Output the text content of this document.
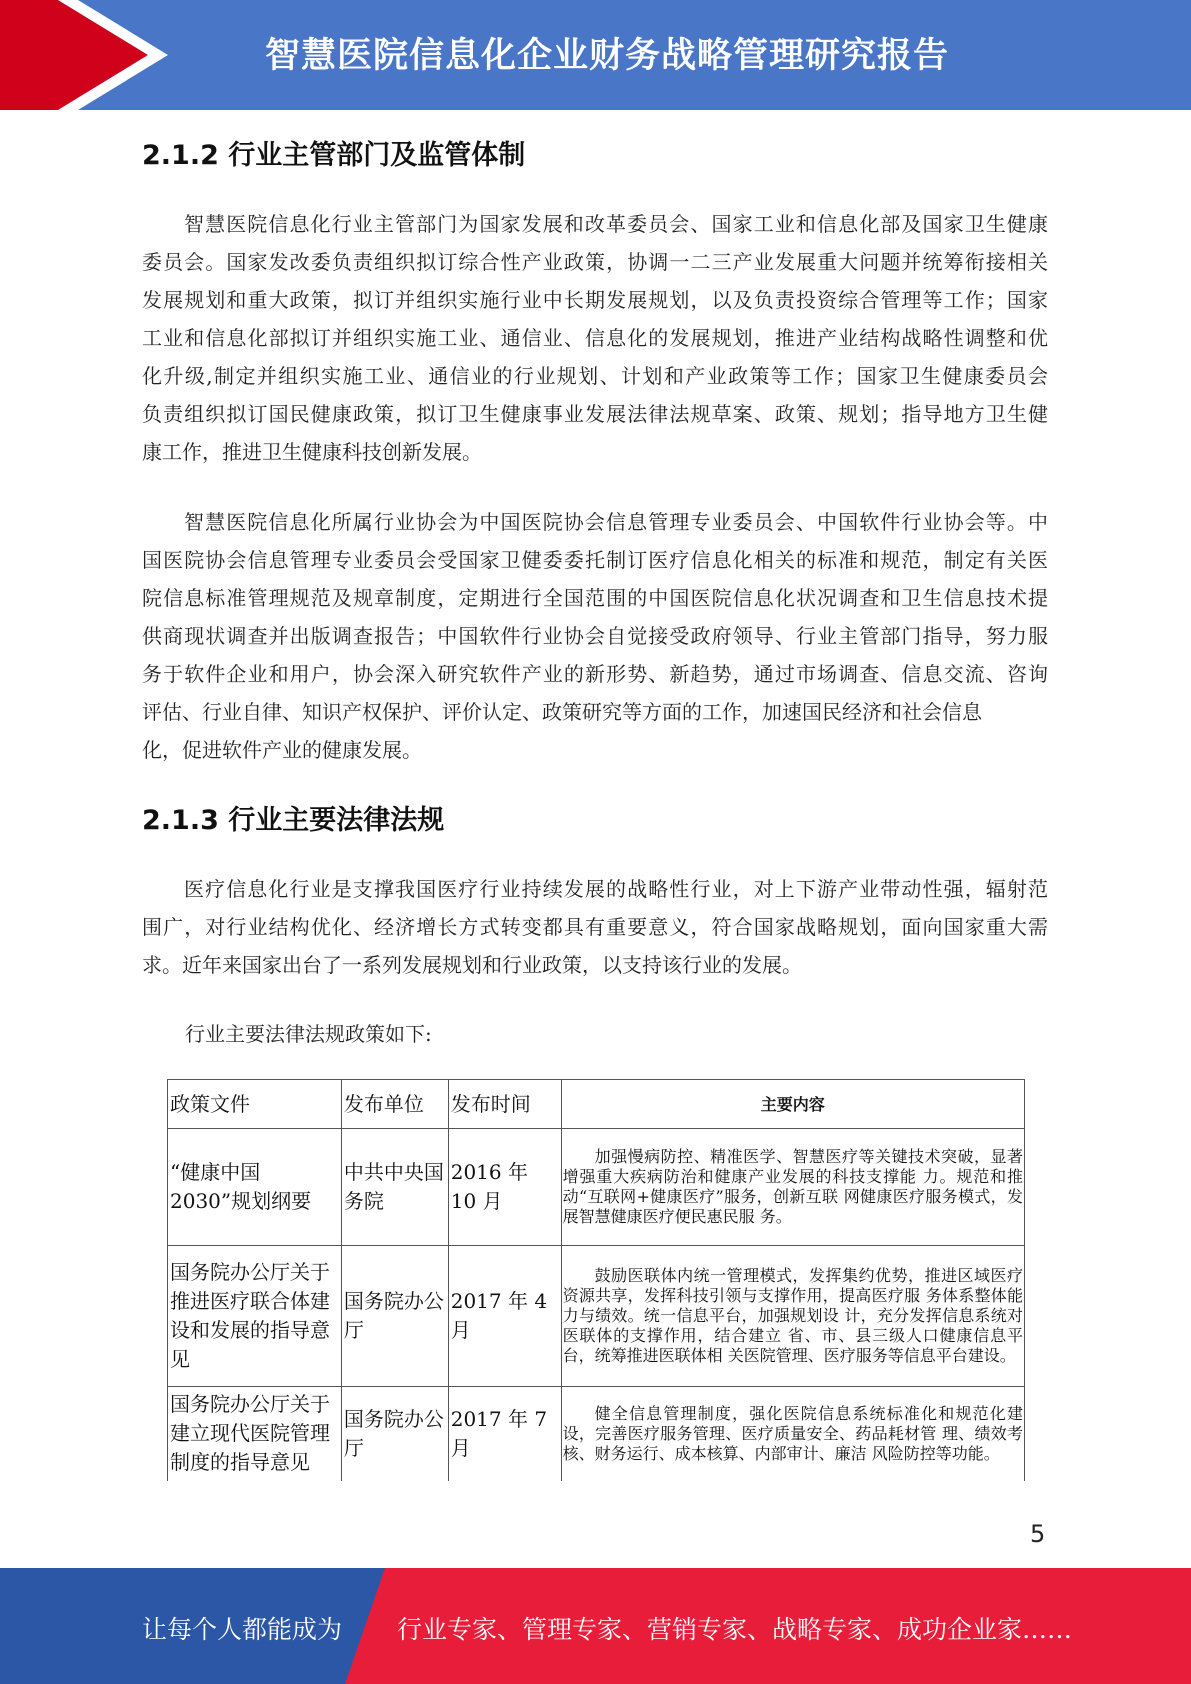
智慧医院信息化企业财务战略管理研究报告
2.1.2 行业主管部门及监管体制
智慧医院信息化行业主管部门为国家发展和改革委员会、国家工业和信息化部及国家卫生健康
委员会。国家发改委负责组织拟订综合性产业政策，协调一二三产业发展重大问题并统筹衔接相关
发展规划和重大政策，拟订并组织实施行业中长期发展规划，以及负责投资综合管理等工作；国家
工业和信息化部拟订并组织实施工业、通信业、信息化的发展规划，推进产业结构战略性调整和优
化升级,制定并组织实施工业、通信业的行业规划、计划和产业政策等工作；国家卫生健康委员会
负责组织拟订国民健康政策，拟订卫生健康事业发展法律法规草案、政策、规划；指导地方卫生健
康工作，推进卫生健康科技创新发展。
智慧医院信息化所属行业协会为中国医院协会信息管理专业委员会、中国软件行业协会等。中
国医院协会信息管理专业委员会受国家卫健委委托制订医疗信息化相关的标准和规范，制定有关医
院信息标准管理规范及规章制度，定期进行全国范围的中国医院信息化状况调查和卫生信息技术提
供商现状调查并出版调查报告；中国软件行业协会自觉接受政府领导、行业主管部门指导，努力服
务于软件企业和用户，协会深入研究软件产业的新形势、新趋势，通过市场调查、信息交流、咨询
评估、行业自律、知识产权保护、评价认定、政策研究等方面的工作，加速国民经济和社会信息
化，促进软件产业的健康发展。
2.1.3 行业主要法律法规
医疗信息化行业是支撑我国医疗行业持续发展的战略性行业，对上下游产业带动性强，辐射范
围广，对行业结构优化、经济增长方式转变都具有重要意义，符合国家战略规划，面向国家重大需
求。近年来国家出台了一系列发展规划和行业政策，以支持该行业的发展。
行业主要法律法规政策如下:
政策文件	发布单位	发布时间	主要内容
“健康中国 2030”规划纲要	中共中央国务院	2016 年 10 月	加强慢病防控、精准医学、智慧医疗等关键技术突破，显著增强重大疾病防治和健康产业发展的科技支撑能 力。规范和推动“互联网+健康医疗”服务，创新互联 网健康医疗服务模式，发展智慧健康医疗便民惠民服 务。

国务院办公厅关于推进医疗联合体建设和发展的指导意见	国务院办公厅	2017 年 4 月	鼓励医联体内统一管理模式，发挥集约优势，推进区域医疗资源共享，发挥科技引领与支撑作用，提高医疗服 务体系整体能力与绩效。统一信息平台，加强规划设 计，充分发挥信息系统对医联体的支撑作用，结合建立 省、市、县三级人口健康信息平台，统筹推进医联体相 关医院管理、医疗服务等信息平台建设。

国务院办公厅关于建立现代医院管理制度的指导意见	国务院办公厅	2017 年 7 月	健全信息管理制度，强化医院信息系统标准化和规范化建设，完善医疗服务管理、医疗质量安全、药品耗材管 理、绩效考核、财务运行、成本核算、内部审计、廉洁 风险防控等功能。
5
让每个人都能成为 行业专家、管理专家、营销专家、战略专家、成功企业家……
